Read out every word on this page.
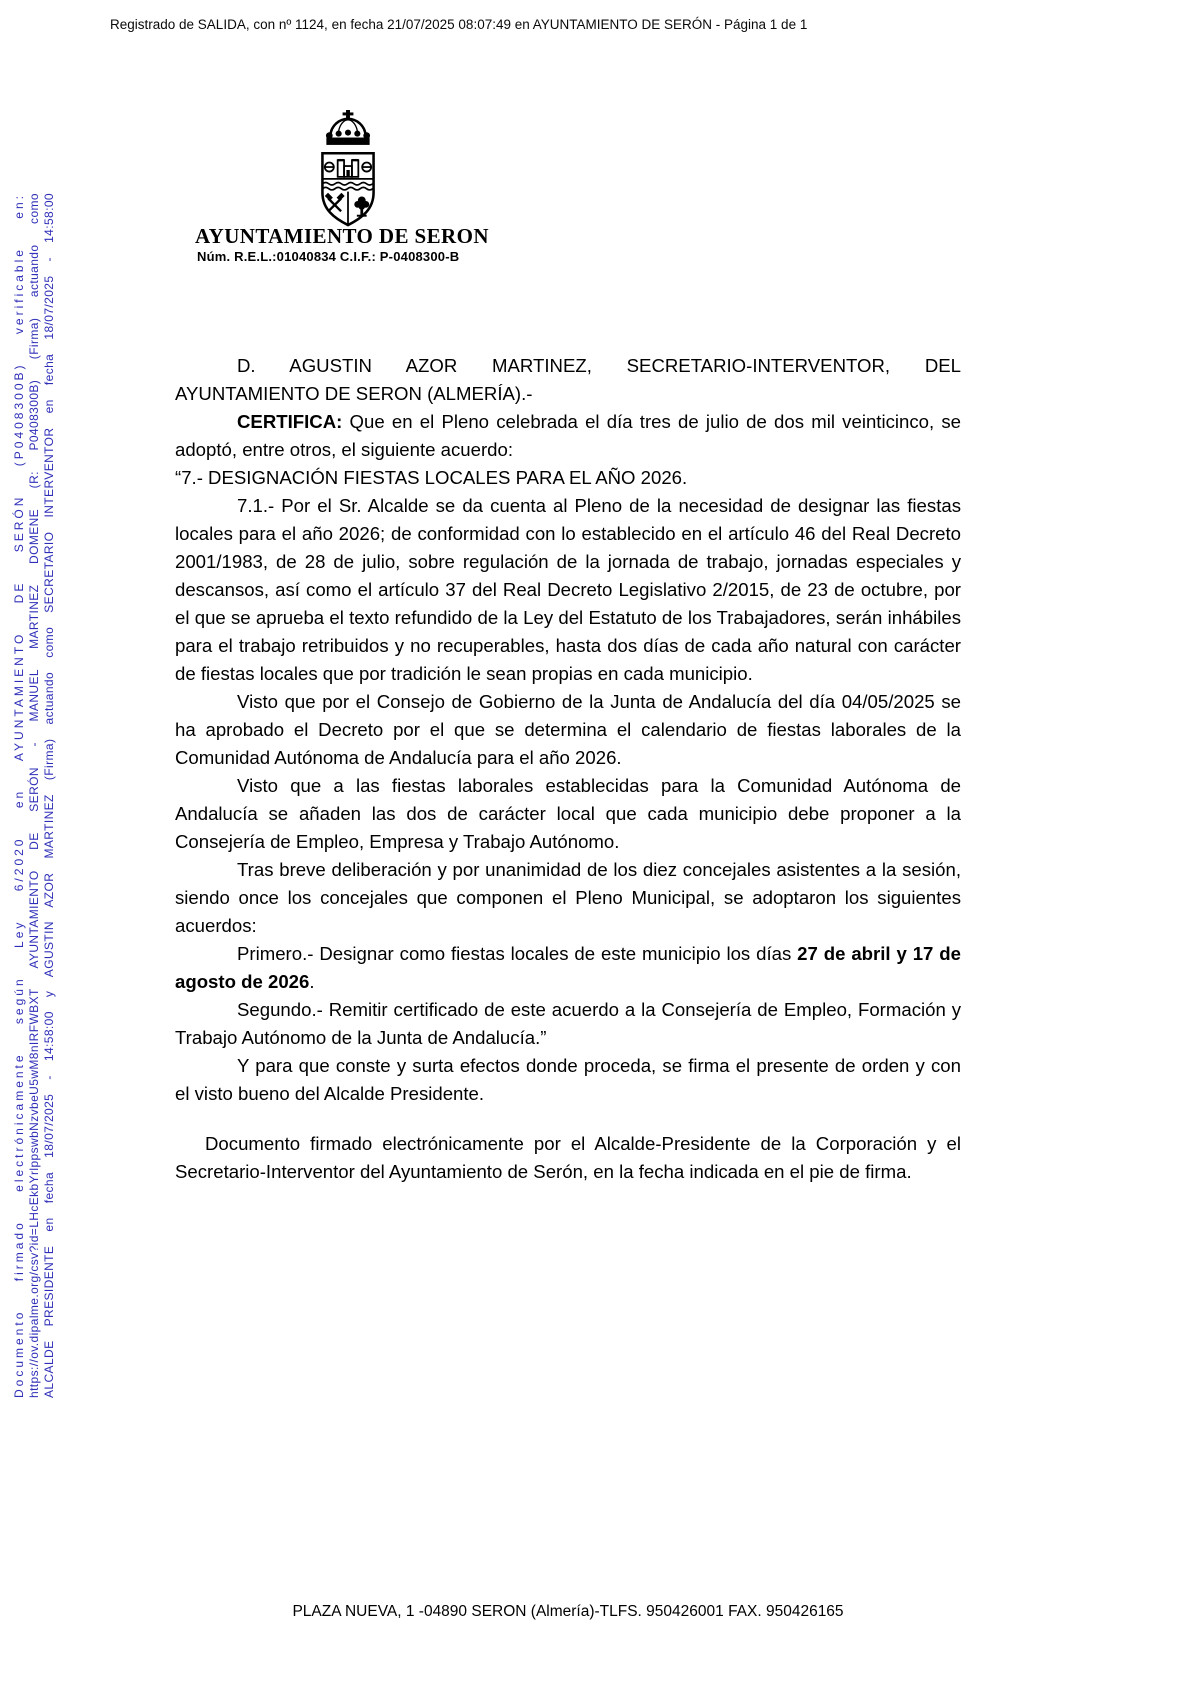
Registrado de SALIDA, con nº 1124, en fecha 21/07/2025 08:07:49 en AYUNTAMIENTO DE SERÓN - Página 1 de 1
Documento firmado electrónicamente según Ley 6/2020 en AYUNTAMIENTO DE SERÓN (P0408300B) verificable en: https://ov.dipalme.org/csv?id=LHcEkbYrlppswbNzvbeU5wM8nIRFWBXT AYUNTAMIENTO DE SERÓN - MANUEL MARTINEZ DOMENE (R: P0408300B) (Firma) actuando como ALCALDE PRESIDENTE en fecha 18/07/2025 - 14:58:00 y AGUSTIN AZOR MARTINEZ (Firma) actuando como SECRETARIO INTERVENTOR en fecha 18/07/2025 - 14:58:00	AYUNTAMIENTO DE SERON
Núm. R.E.L.:01040834 C.I.F.: P-0408300-B

D. AGUSTIN AZOR MARTINEZ, SECRETARIO-INTERVENTOR, DEL AYUNTAMIENTO DE SERON (ALMERÍA).-

CERTIFICA: Que en el Pleno celebrada el día tres de julio de dos mil veinticinco, se adoptó, entre otros, el siguiente acuerdo:

“7.- DESIGNACIÓN FIESTAS LOCALES PARA EL AÑO 2026.

7.1.- Por el Sr. Alcalde se da cuenta al Pleno de la necesidad de designar las fiestas locales para el año 2026; de conformidad con lo establecido en el artículo 46 del Real Decreto 2001/1983, de 28 de julio, sobre regulación de la jornada de trabajo, jornadas especiales y descansos, así como el artículo 37 del Real Decreto Legislativo 2/2015, de 23 de octubre, por el que se aprueba el texto refundido de la Ley del Estatuto de los Trabajadores, serán inhábiles para el trabajo retribuidos y no recuperables, hasta dos días de cada año natural con carácter de fiestas locales que por tradición le sean propias en cada municipio.

Visto que por el Consejo de Gobierno de la Junta de Andalucía del día 04/05/2025 se ha aprobado el Decreto por el que se determina el calendario de fiestas laborales de la Comunidad Autónoma de Andalucía para el año 2026.

Visto que a las fiestas laborales establecidas para la Comunidad Autónoma de Andalucía se añaden las dos de carácter local que cada municipio debe proponer a la Consejería de Empleo, Empresa y Trabajo Autónomo.

Tras breve deliberación y por unanimidad de los diez concejales asistentes a la sesión, siendo once los concejales que componen el Pleno Municipal, se adoptaron los siguientes acuerdos:

Primero.- Designar como fiestas locales de este municipio los días 27 de abril y 17 de agosto de 2026.

Segundo.- Remitir certificado de este acuerdo a la Consejería de Empleo, Formación y Trabajo Autónomo de la Junta de Andalucía.”

Y para que conste y surta efectos donde proceda, se firma el presente de orden y con el visto bueno del Alcalde Presidente.

Documento firmado electrónicamente por el Alcalde-Presidente de la Corporación y el Secretario-Interventor del Ayuntamiento de Serón, en la fecha indicada en el pie de firma.

PLAZA NUEVA, 1 -04890 SERON (Almería)-TLFS. 950426001 FAX. 950426165
